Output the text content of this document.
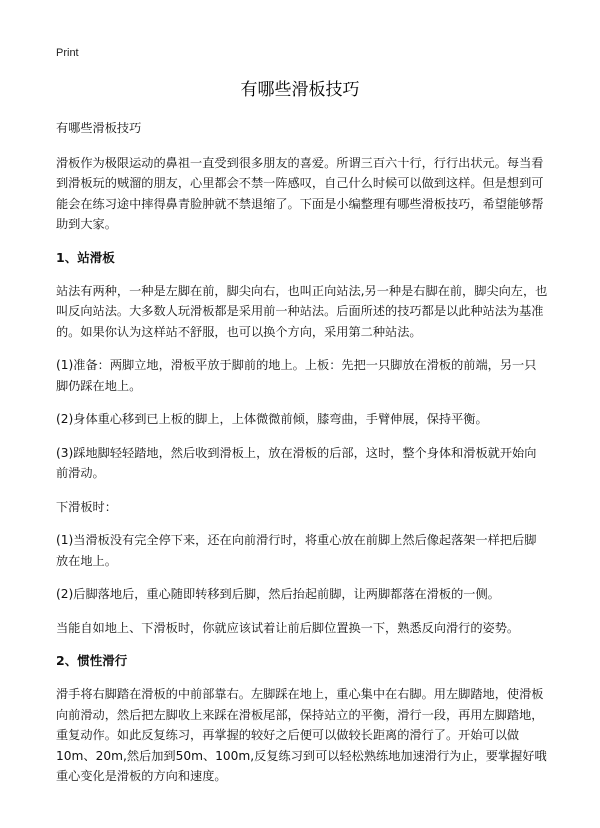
Print
有哪些滑板技巧

有哪些滑板技巧

滑板作为极限运动的鼻祖一直受到很多朋友的喜爱。所谓三百六十行，行行出状元。每当看到滑板玩的贼溜的朋友，心里都会不禁一阵感叹，自己什么时候可以做到这样。但是想到可能会在练习途中摔得鼻青脸肿就不禁退缩了。下面是小编整理有哪些滑板技巧，希望能够帮助到大家。

1、站滑板

站法有两种，一种是左脚在前，脚尖向右，也叫正向站法,另一种是右脚在前，脚尖向左，也叫反向站法。大多数人玩滑板都是采用前一种站法。后面所述的技巧都是以此种站法为基准的。如果你认为这样站不舒服，也可以换个方向，采用第二种站法。

(1)准备：两脚立地，滑板平放于脚前的地上。上板：先把一只脚放在滑板的前端，另一只脚仍踩在地上。

(2)身体重心移到已上板的脚上，上体微微前倾，膝弯曲，手臂伸展，保持平衡。

(3)踩地脚轻轻踏地，然后收到滑板上，放在滑板的后部，这时，整个身体和滑板就开始向前滑动。

下滑板时：

(1)当滑板没有完全停下来，还在向前滑行时，将重心放在前脚上然后像起落架一样把后脚放在地上。

(2)后脚落地后，重心随即转移到后脚，然后抬起前脚，让两脚都落在滑板的一侧。

当能自如地上、下滑板时，你就应该试着让前后脚位置换一下，熟悉反向滑行的姿势。

2、惯性滑行

滑手将右脚踏在滑板的中前部靠右。左脚踩在地上，重心集中在右脚。用左脚踏地，使滑板向前滑动，然后把左脚收上来踩在滑板尾部，保持站立的平衡，滑行一段，再用左脚踏地，重复动作。如此反复练习，再掌握的较好之后便可以做较长距离的滑行了。开始可以做10m、20m,然后加到50m、100m,反复练习到可以轻松熟练地加速滑行为止，要掌握好哦重心变化是滑板的方向和速度。
